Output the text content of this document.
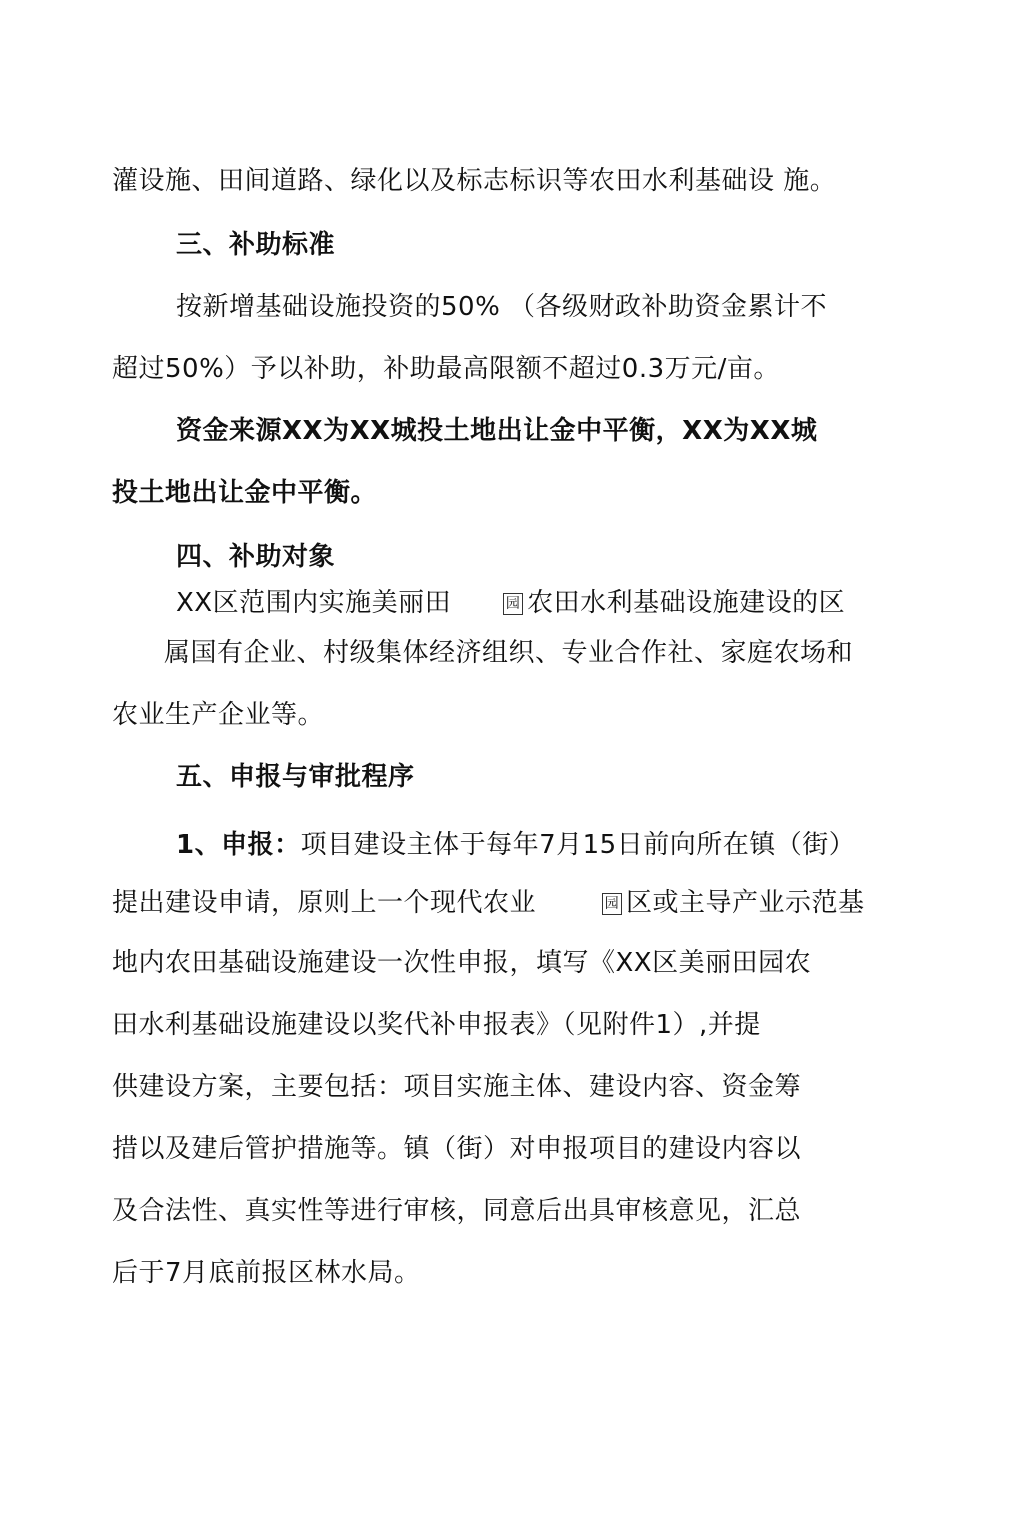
灌设施、田间道路、绿化以及标志标识等农田水利基础设 施。
三、补助标准
按新增基础设施投资的50% （各级财政补助资金累计不
超过50%）予以补助，补助最高限额不超过0.3万元/亩。
资金来源XX为XX城投土地出让金中平衡，XX为XX城
投土地出让金中平衡。
四、补助对象
XX区范围内实施美丽田	园 农田水利基础设施建设的区
属国有企业、村级集体经济组织、专业合作社、家庭农场和
农业生产企业等。
五、申报与审批程序
1、申报：项目建设主体于每年7月15日前向所在镇（街）
提出建设申请，原则上一个现代农业	园 区或主导产业示范基
地内农田基础设施建设一次性申报，填写《XX区美丽田园农
田水利基础设施建设以奖代补申报表》（见附件1）,并提
供建设方案，主要包括：项目实施主体、建设内容、资金筹
措以及建后管护措施等。镇（街）对申报项目的建设内容以
及合法性、真实性等进行审核，同意后出具审核意见，汇总
后于7月底前报区林水局。
